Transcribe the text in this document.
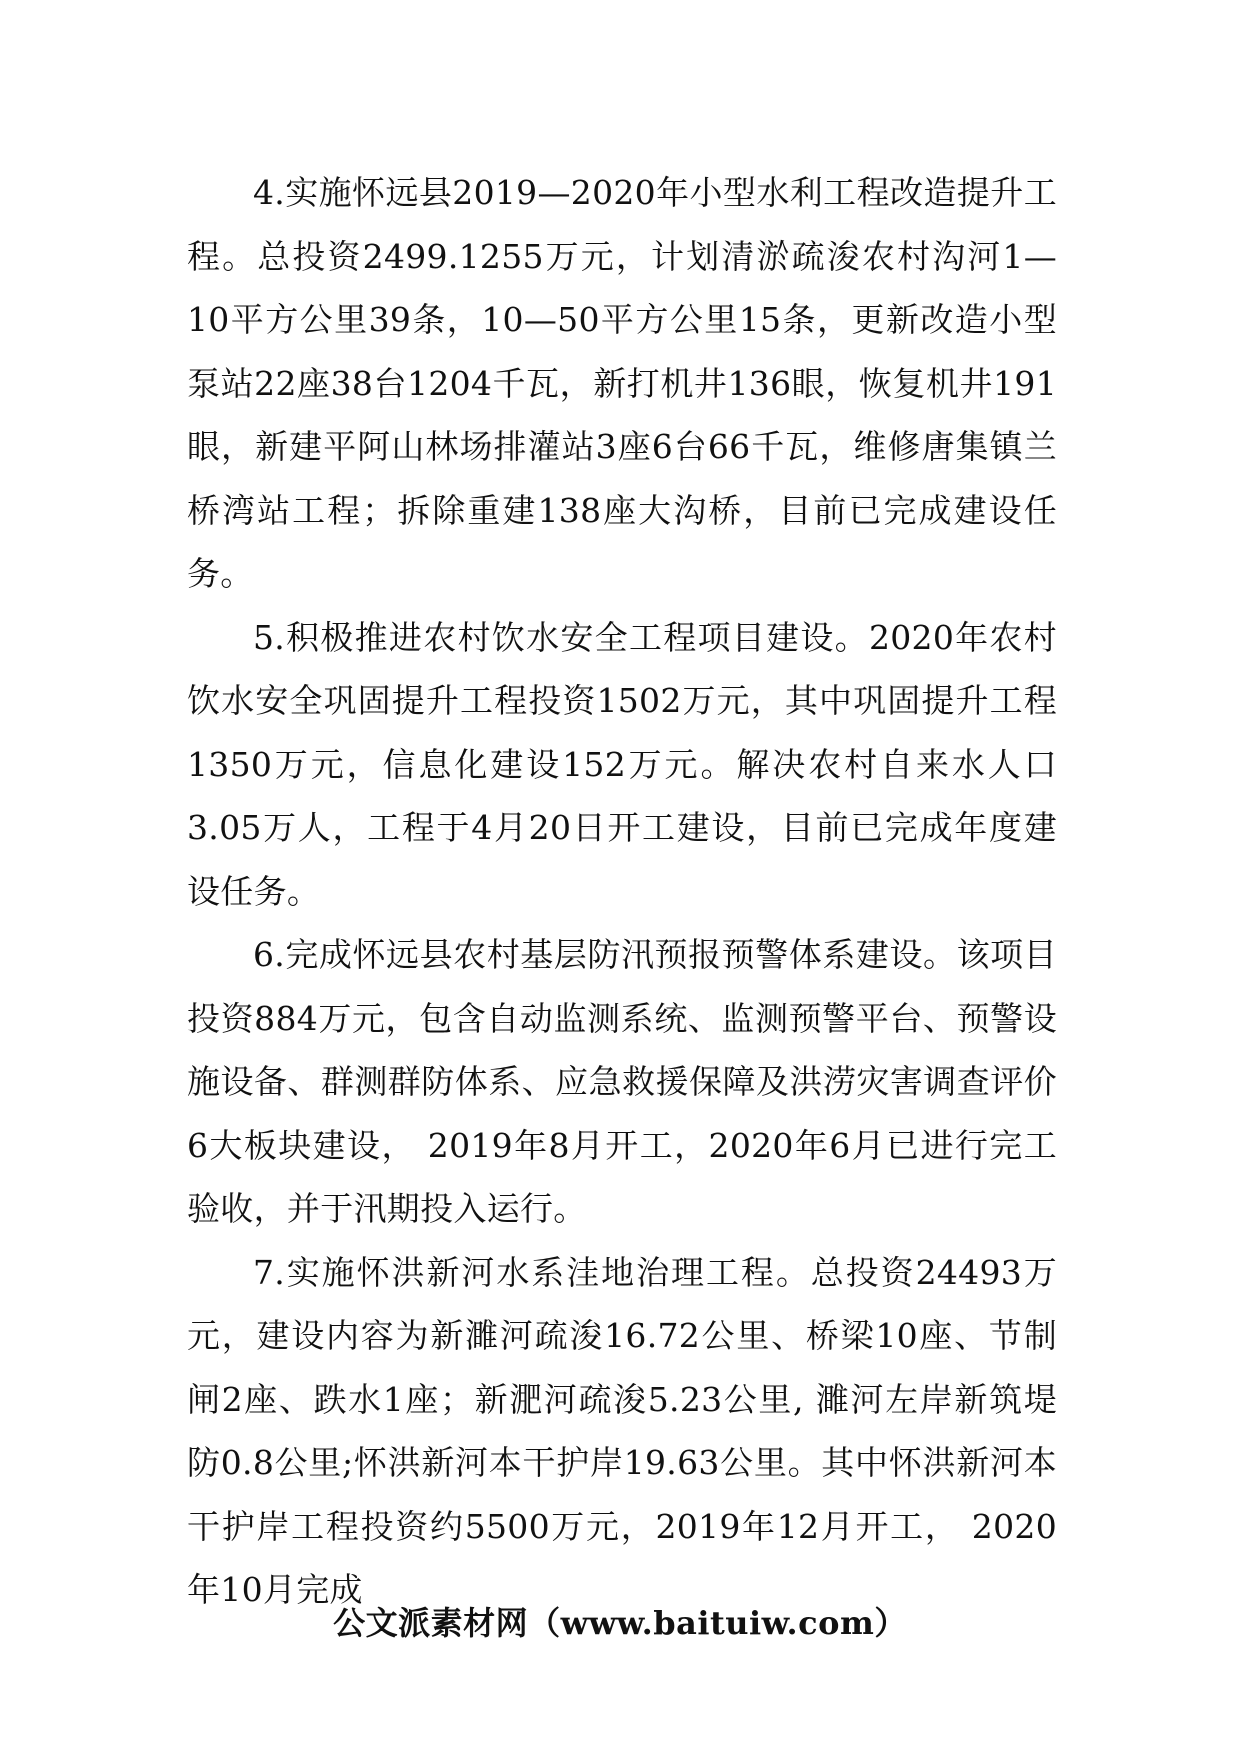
4.实施怀远县2019—2020年小型水利工程改造提升工程。总投资2499.1255万元，计划清淤疏浚农村沟河1—10平方公里39条，10—50平方公里15条，更新改造小型泵站22座38台1204千瓦，新打机井136眼，恢复机井191眼，新建平阿山林场排灌站3座6台66千瓦，维修唐集镇兰桥湾站工程；拆除重建138座大沟桥，目前已完成建设任务。

5.积极推进农村饮水安全工程项目建设。2020年农村饮水安全巩固提升工程投资1502万元，其中巩固提升工程1350万元，信息化建设152万元。解决农村自来水人口3.05万人，工程于4月20日开工建设，目前已完成年度建设任务。

6.完成怀远县农村基层防汛预报预警体系建设。该项目投资884万元，包含自动监测系统、监测预警平台、预警设施设备、群测群防体系、应急救援保障及洪涝灾害调查评价6大板块建设， 2019年8月开工，2020年6月已进行完工验收，并于汛期投入运行。

7.实施怀洪新河水系洼地治理工程。总投资24493万元，建设内容为新濉河疏浚16.72公里、桥梁10座、节制闸2座、跌水1座；新淝河疏浚5.23公里, 濉河左岸新筑堤防0.8公里;怀洪新河本干护岸19.63公里。其中怀洪新河本干护岸工程投资约5500万元，2019年12月开工， 2020年10月完成

公文派素材网（www.baituiw.com）
